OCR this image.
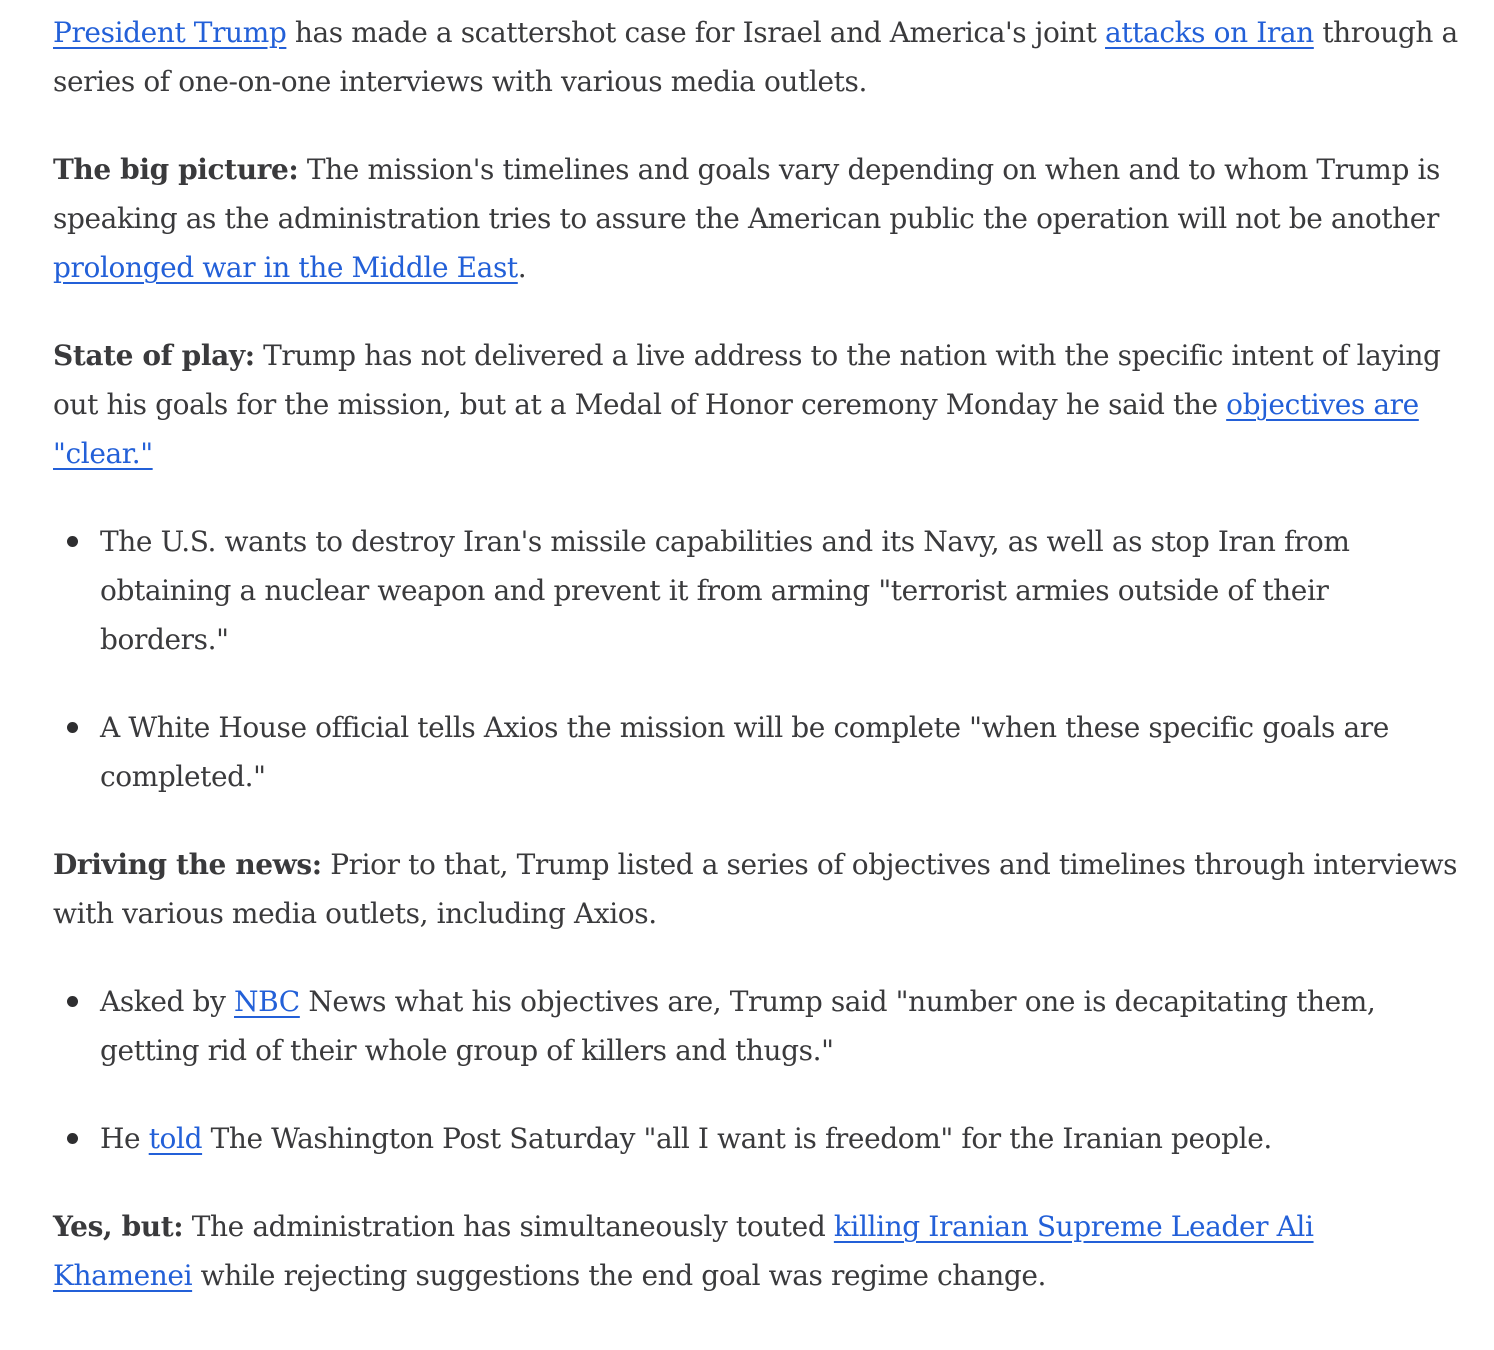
President Trump has made a scattershot case for Israel and America's joint attacks on Iran through a series of one-on-one interviews with various media outlets.

The big picture: The mission's timelines and goals vary depending on when and to whom Trump is speaking as the administration tries to assure the American public the operation will not be another prolonged war in the Middle East.

State of play: Trump has not delivered a live address to the nation with the specific intent of laying out his goals for the mission, but at a Medal of Honor ceremony Monday he said the objectives are "clear."

The U.S. wants to destroy Iran's missile capabilities and its Navy, as well as stop Iran from obtaining a nuclear weapon and prevent it from arming "terrorist armies outside of their borders."
A White House official tells Axios the mission will be complete "when these specific goals are completed."

Driving the news: Prior to that, Trump listed a series of objectives and timelines through interviews with various media outlets, including Axios.

Asked by NBC News what his objectives are, Trump said "number one is decapitating them, getting rid of their whole group of killers and thugs."
He told The Washington Post Saturday "all I want is freedom" for the Iranian people.

Yes, but: The administration has simultaneously touted killing Iranian Supreme Leader Ali Khamenei while rejecting suggestions the end goal was regime change.
